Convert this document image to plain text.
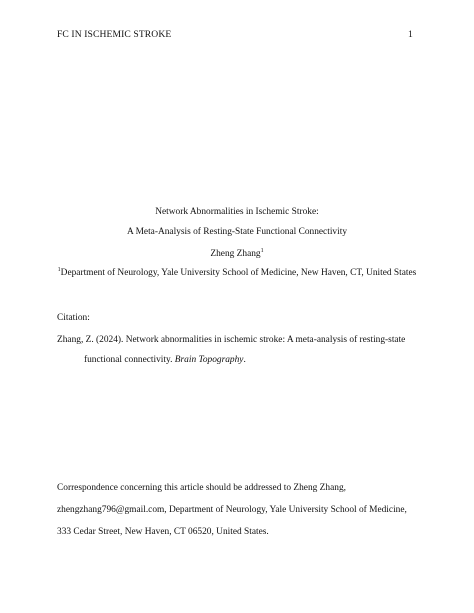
FC IN ISCHEMIC STROKE	1
Network Abnormalities in Ischemic Stroke:
A Meta-Analysis of Resting-State Functional Connectivity
Zheng Zhang$^1$
$^1$Department of Neurology, Yale University School of Medicine, New Haven, CT, United States
Citation:
Zhang, Z. (2024). Network abnormalities in ischemic stroke: A meta-analysis of resting-state
functional connectivity. Brain Topography.
Correspondence concerning this article should be addressed to Zheng Zhang,
zhengzhang796@gmail.com, Department of Neurology, Yale University School of Medicine,
333 Cedar Street, New Haven, CT 06520, United States.
